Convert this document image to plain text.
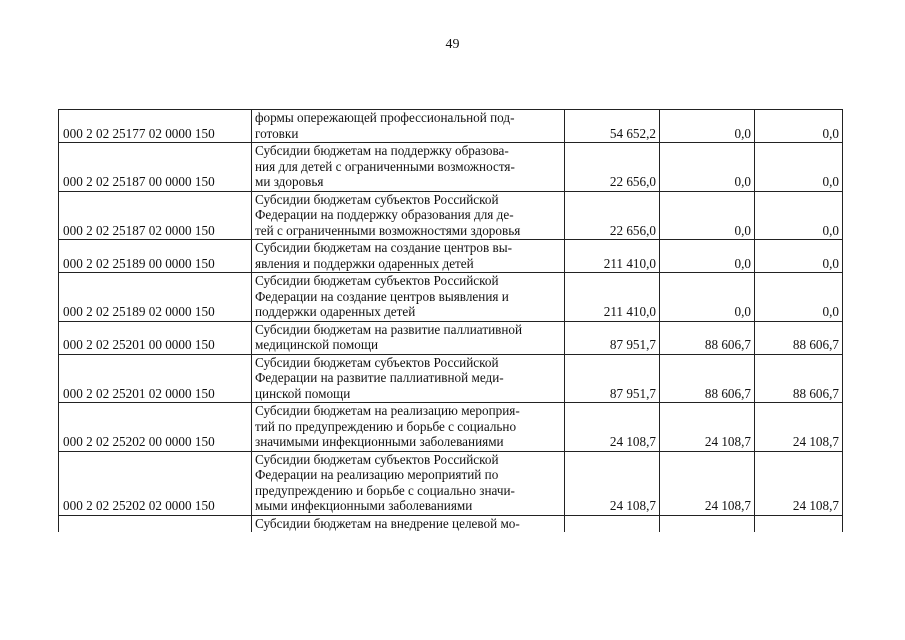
49
000 2 02 25177 02 0000 150	формы опережающей профессиональной под-
готовки	54 652,2	0,0	0,0
000 2 02 25187 00 0000 150	Субсидии бюджетам на поддержку образова-
ния для детей с ограниченными возможностя-
ми здоровья	22 656,0	0,0	0,0
000 2 02 25187 02 0000 150	Субсидии бюджетам субъектов Российской
Федерации на поддержку образования для де-
тей с ограниченными возможностями здоровья	22 656,0	0,0	0,0
000 2 02 25189 00 0000 150	Субсидии бюджетам на создание центров вы-
явления и поддержки одаренных детей	211 410,0	0,0	0,0
000 2 02 25189 02 0000 150	Субсидии бюджетам субъектов Российской
Федерации на создание центров выявления и
поддержки одаренных детей	211 410,0	0,0	0,0
000 2 02 25201 00 0000 150	Субсидии бюджетам на развитие паллиативной
медицинской помощи	87 951,7	88 606,7	88 606,7
000 2 02 25201 02 0000 150	Субсидии бюджетам субъектов Российской
Федерации на развитие паллиативной меди-
цинской помощи	87 951,7	88 606,7	88 606,7
000 2 02 25202 00 0000 150	Субсидии бюджетам на реализацию мероприя-
тий по предупреждению и борьбе с социально
значимыми инфекционными заболеваниями	24 108,7	24 108,7	24 108,7
000 2 02 25202 02 0000 150	Субсидии бюджетам субъектов Российской
Федерации на реализацию мероприятий по
предупреждению и борьбе с социально значи-
мыми инфекционными заболеваниями	24 108,7	24 108,7	24 108,7

	Субсидии бюджетам на внедрение целевой мо-			
